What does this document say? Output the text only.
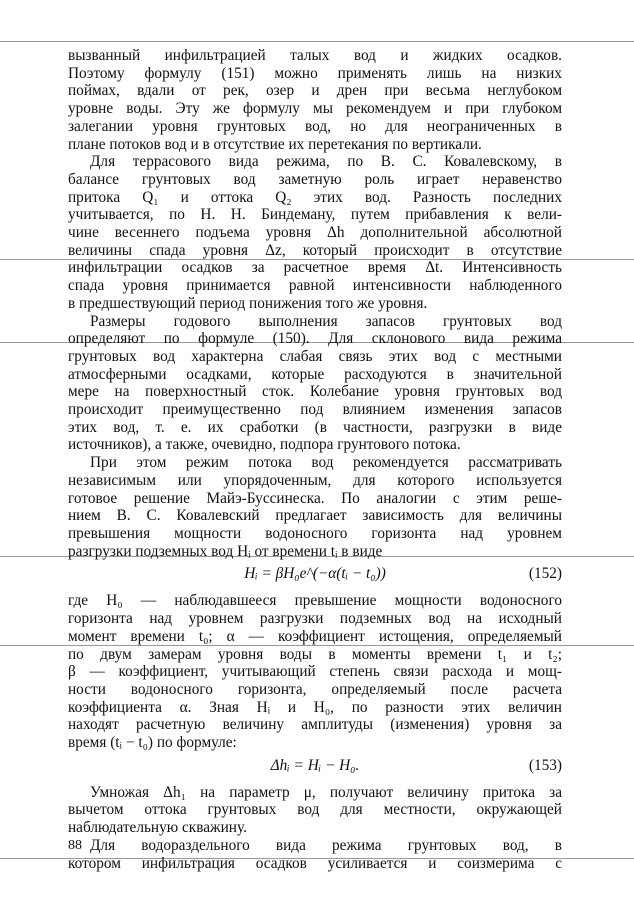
вызванный инфильтрацией талых вод и жидких осадков.
Поэтому формулу (151) можно применять лишь на низких
поймах, вдали от рек, озер и дрен при весьма неглубоком
уровне воды. Эту же формулу мы рекомендуем и при глубоком
залегании уровня грунтовых вод, но для неограниченных в
плане потоков вод и в отсутствие их перетекания по вертикали.

Для террасового вида режима, по В. С. Ковалевскому, в
балансе грунтовых вод заметную роль играет неравенство
притока Q₁ и оттока Q₂ этих вод. Разность последних
учитывается, по Н. Н. Биндеману, путем прибавления к вели-
чине весеннего подъема уровня Δh дополнительной абсолютной
величины спада уровня Δz, который происходит в отсутствие
инфильтрации осадков за расчетное время Δt. Интенсивность
спада уровня принимается равной интенсивности наблюденного
в предшествующий период понижения того же уровня.

Размеры годового выполнения запасов грунтовых вод
определяют по формуле (150). Для склонового вида режима
грунтовых вод характерна слабая связь этих вод с местными
атмосферными осадками, которые расходуются в значительной
мере на поверхностный сток. Колебание уровня грунтовых вод
происходит преимущественно под влиянием изменения запасов
этих вод, т. е. их сработки (в частности, разгрузки в виде
источников), а также, очевидно, подпора грунтового потока.

При этом режим потока вод рекомендуется рассматривать
независимым или упорядоченным, для которого используется
готовое решение Майэ-Буссинеска. По аналогии с этим реше-
нием В. С. Ковалевский предлагает зависимость для величины
превышения мощности водоносного горизонта над уровнем
разгрузки подземных вод Hᵢ от времени tᵢ в виде

Hᵢ = βH₀e^(−α(tᵢ − t₀))	(152)

где H₀ — наблюдавшееся превышение мощности водоносного
горизонта над уровнем разгрузки подземных вод на исходный
момент времени t₀; α — коэффициент истощения, определяемый
по двум замерам уровня воды в моменты времени t₁ и t₂;
β — коэффициент, учитывающий степень связи расхода и мощ-
ности водоносного горизонта, определяемый после расчета
коэффициента α. Зная Hᵢ и H₀, по разности этих величин
находят расчетную величину амплитуды (изменения) уровня за
время (tᵢ − t₀) по формуле:

Δhᵢ = Hᵢ − H₀.	(153)

Умножая Δh₁ на параметр μ, получают величину притока за
вычетом оттока грунтовых вод для местности, окружающей
наблюдательную скважину.

Для водораздельного вида режима грунтовых вод, в
котором инфильтрация осадков усиливается и соизмерима с

88
